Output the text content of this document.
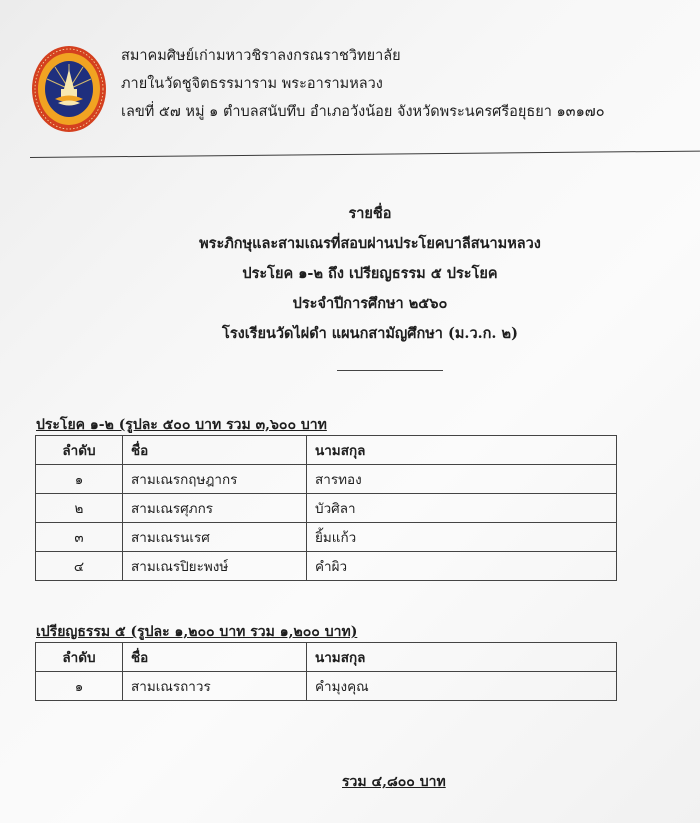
สมาคมศิษย์เก่ามหาวชิราลงกรณราชวิทยาลัย
ภายในวัดชูจิตธรรมาราม พระอารามหลวง
เลขที่ ๕๗ หมู่ ๑ ตำบลสนับทึบ อำเภอวังน้อย จังหวัดพระนครศรีอยุธยา ๑๓๑๗๐
รายชื่อ
พระภิกษุและสามเณรที่สอบผ่านประโยคบาลีสนามหลวง
ประโยค ๑-๒ ถึง เปรียญธรรม ๕ ประโยค
ประจำปีการศึกษา ๒๕๖๐
โรงเรียนวัดไผ่ดำ แผนกสามัญศึกษา (ม.ว.ก. ๒)
ประโยค ๑-๒ (รูปละ ๕๐๐ บาท รวม ๓,๖๐๐ บาท
ลำดับ	ชื่อ	นามสกุล
๑	สามเณรกฤษฎากร	สารทอง
๒	สามเณรศุภกร	บัวศิลา
๓	สามเณรนเรศ	ยิ้มแก้ว
๔	สามเณรปิยะพงษ์	คำผิว
เปรียญธรรม ๕ (รูปละ ๑,๒๐๐ บาท รวม ๑,๒๐๐ บาท)
ลำดับ	ชื่อ	นามสกุล
๑	สามเณรถาวร	คำมุงคุณ
รวม ๔,๘๐๐ บาท
